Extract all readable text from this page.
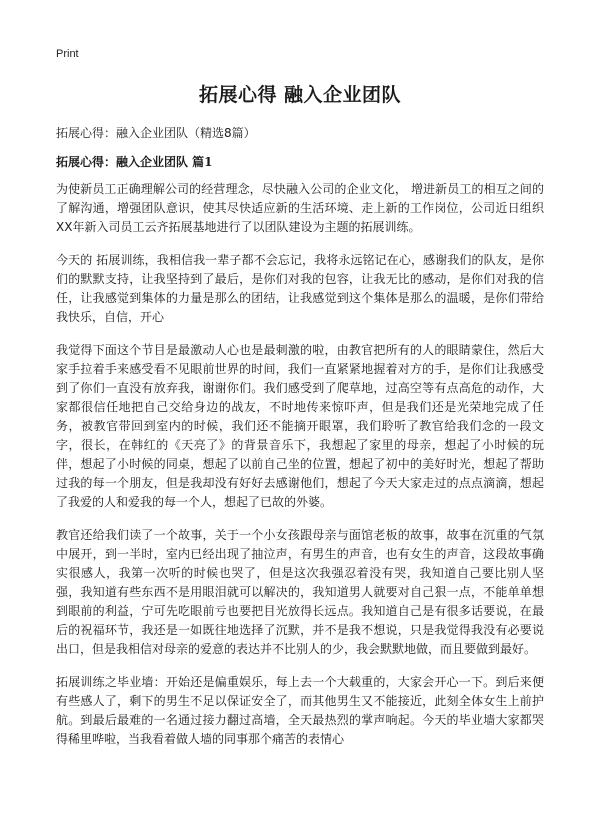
Print
拓展心得 融入企业团队

拓展心得：融入企业团队（精选8篇）

拓展心得：融入企业团队 篇1

为使新员工正确理解公司的经营理念，尽快融入公司的企业文化， 增进新员工的相互之间的了解沟通，增强团队意识，使其尽快适应新的生活环境、走上新的工作岗位，公司近日组织XX年新入司员工云齐拓展基地进行了以团队建设为主题的拓展训练。

今天的 拓展训练，我相信我一辈子都不会忘记，我将永远铭记在心，感谢我们的队友，是你们的默默支持，让我坚持到了最后，是你们对我的包容，让我无比的感动，是你们对我的信任，让我感觉到集体的力量是那么的团结，让我感觉到这个集体是那么的温暖，是你们带给我快乐，自信，开心

我觉得下面这个节目是最激动人心也是最刺激的啦，由教官把所有的人的眼睛蒙住，然后大家手拉着手来感受看不见眼前世界的时间，我们一直紧紧地握着对方的手，是你们让我感受到了你们一直没有放弃我，谢谢你们。我们感受到了爬草地，过高空等有点高危的动作，大家都很信任地把自己交给身边的战友，不时地传来惊吓声，但是我们还是光荣地完成了任务，被教官带回到室内的时候，我们还不能摘开眼罩，我们聆听了教官给我们念的一段文字，很长，在韩红的《天亮了》的背景音乐下，我想起了家里的母亲，想起了小时候的玩伴，想起了小时候的同桌，想起了以前自己坐的位置，想起了初中的美好时光，想起了帮助过我的每一个朋友，但是我却没有好好去感谢他们，想起了今天大家走过的点点滴滴，想起了我爱的人和爱我的每一个人，想起了已故的外婆。

教官还给我们读了一个故事，关于一个小女孩跟母亲与面馆老板的故事，故事在沉重的气氛中展开，到一半时，室内已经出现了抽泣声，有男生的声音，也有女生的声音，这段故事确实很感人，我第一次听的时候也哭了，但是这次我强忍着没有哭，我知道自己要比别人坚强，我知道有些东西不是用眼泪就可以解决的，我知道男人就要对自己狠一点，不能单单想到眼前的利益，宁可先吃眼前亏也要把目光放得长远点。我知道自己是有很多话要说，在最后的祝福环节，我还是一如既往地选择了沉默，并不是我不想说，只是我觉得我没有必要说出口，但是我相信对母亲的爱意的表达并不比别人的少，我会默默地做，而且要做到最好。

拓展训练之毕业墙：开始还是偏重娱乐，每上去一个大载重的，大家会开心一下。到后来便有些感人了，剩下的男生不足以保证安全了，而其他男生又不能接近，此刻全体女生上前护航。到最后最难的一名通过接力翻过高墙，全天最热烈的掌声响起。今天的毕业墙大家都哭得稀里哗啦，当我看着做人墙的同事那个痛苦的表情心
